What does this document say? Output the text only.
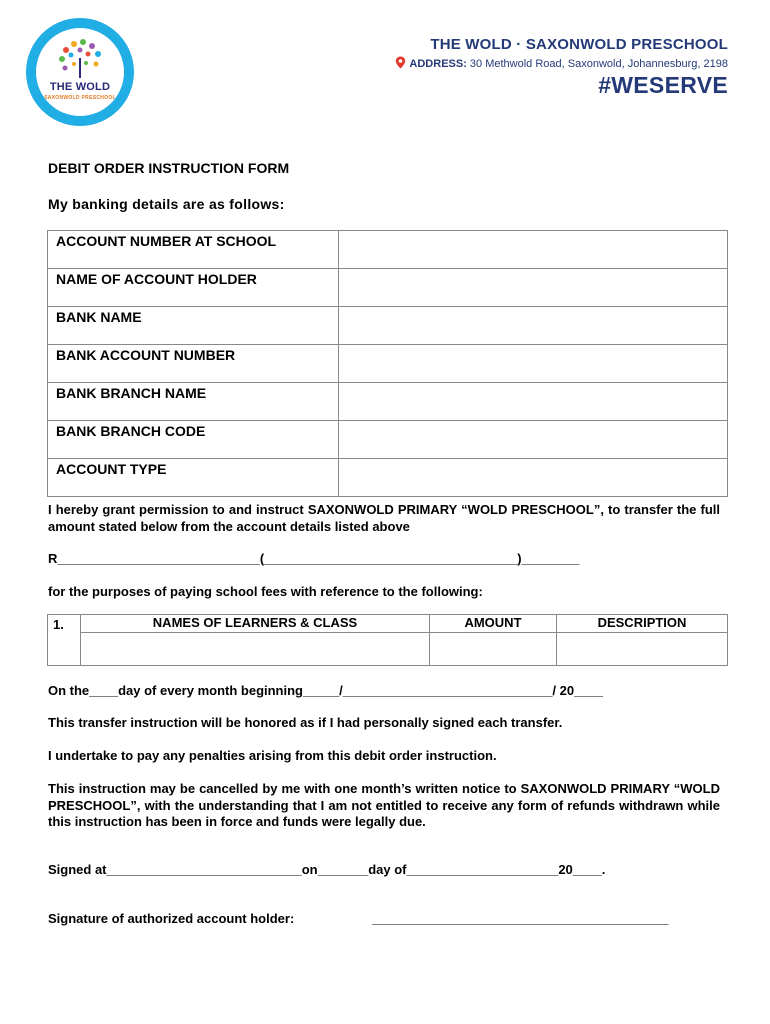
THE WOLD
SAXONWOLD PRESCHOOL
THE WOLD · SAXONWOLD PRESCHOOL
ADDRESS: 30 Methwold Road, Saxonwold, Johannesburg, 2198
#WESERVE
DEBIT ORDER INSTRUCTION FORM
My banking details are as follows:
ACCOUNT NUMBER AT SCHOOL	
NAME OF ACCOUNT HOLDER	
BANK NAME	
BANK ACCOUNT NUMBER	
BANK BRANCH NAME	
BANK BRANCH CODE	
ACCOUNT TYPE	
I hereby grant permission to and instruct SAXONWOLD PRIMARY “WOLD PRESCHOOL”, to transfer the full amount stated below from the account details listed above
R____________________________(___________________________________)________
for the purposes of paying school fees with reference to the following:
1.	NAMES OF LEARNERS & CLASS	AMOUNT	DESCRIPTION

On the____day of every month beginning_____/_____________________________/ 20____
This transfer instruction will be honored as if I had personally signed each transfer.
I undertake to pay any penalties arising from this debit order instruction.
This instruction may be cancelled by me with one month’s written notice to SAXONWOLD PRIMARY “WOLD PRESCHOOL”, with the understanding that I am not entitled to receive any form of refunds withdrawn while this instruction has been in force and funds were legally due.
Signed at___________________________on_______day of_____________________20____.
Signature of authorized account holder:	_________________________________________
